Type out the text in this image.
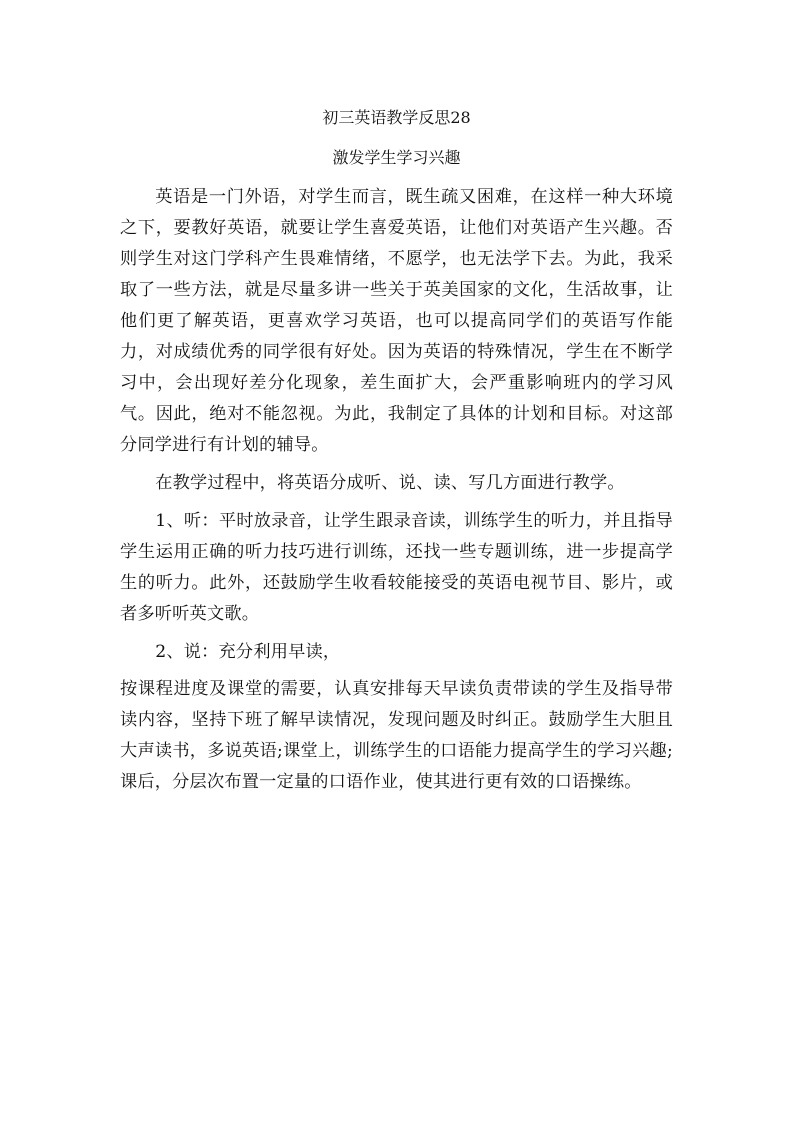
初三英语教学反思28

激发学生学习兴趣

英语是一门外语，对学生而言，既生疏又困难，在这样一种大环境之下，要教好英语，就要让学生喜爱英语，让他们对英语产生兴趣。否则学生对这门学科产生畏难情绪，不愿学，也无法学下去。为此，我采取了一些方法，就是尽量多讲一些关于英美国家的文化，生活故事，让他们更了解英语，更喜欢学习英语，也可以提高同学们的英语写作能力，对成绩优秀的同学很有好处。因为英语的特殊情况，学生在不断学习中，会出现好差分化现象，差生面扩大，会严重影响班内的学习风气。因此，绝对不能忽视。为此，我制定了具体的计划和目标。对这部分同学进行有计划的辅导。

在教学过程中，将英语分成听、说、读、写几方面进行教学。

1、听：平时放录音，让学生跟录音读，训练学生的听力，并且指导学生运用正确的听力技巧进行训练，还找一些专题训练，进一步提高学生的听力。此外，还鼓励学生收看较能接受的英语电视节目、影片，或者多听听英文歌。

2、说：充分利用早读，

按课程进度及课堂的需要，认真安排每天早读负责带读的学生及指导带读内容，坚持下班了解早读情况，发现问题及时纠正。鼓励学生大胆且大声读书，多说英语;课堂上，训练学生的口语能力提高学生的学习兴趣;课后，分层次布置一定量的口语作业，使其进行更有效的口语操练。
